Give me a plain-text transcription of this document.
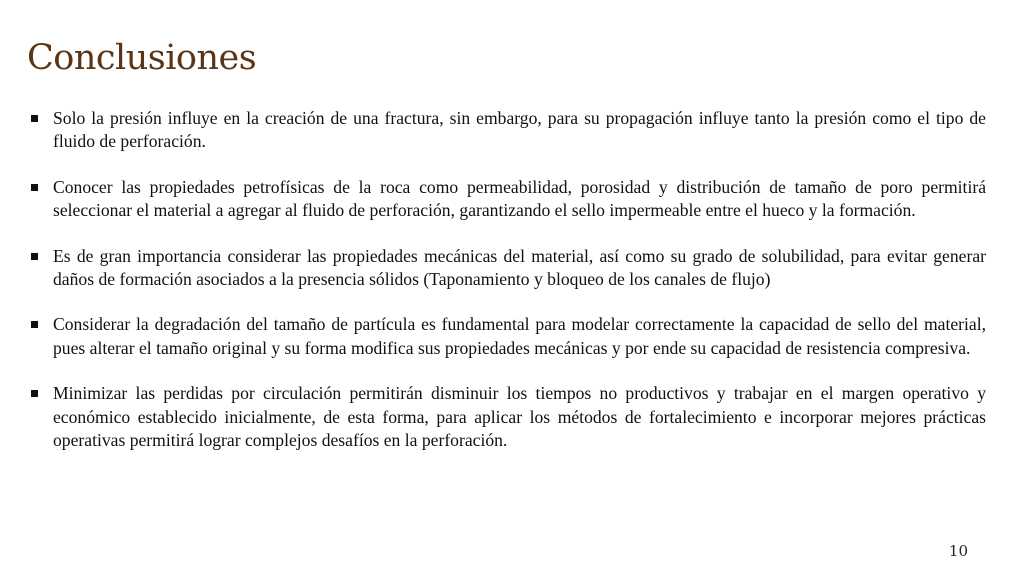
Conclusiones
Solo la presión influye en la creación de una fractura, sin embargo, para su propagación influye tanto la presión como el tipo de fluido de perforación.
Conocer las propiedades petrofísicas de la roca como permeabilidad, porosidad y distribución de tamaño de poro permitirá seleccionar el material a agregar al fluido de perforación, garantizando el sello impermeable entre el hueco y la formación.
Es de gran importancia considerar las propiedades mecánicas del material, así como su grado de solubilidad, para evitar generar daños de formación asociados a la presencia sólidos (Taponamiento y bloqueo de los canales de flujo)
Considerar la degradación del tamaño de partícula es fundamental para modelar correctamente la capacidad de sello del material, pues alterar el tamaño original y su forma modifica sus propiedades mecánicas y por ende su capacidad de resistencia compresiva.
Minimizar las perdidas por circulación permitirán disminuir los tiempos no productivos y trabajar en el margen operativo y económico establecido inicialmente, de esta forma, para aplicar los métodos de fortalecimiento e incorporar mejores prácticas operativas permitirá lograr complejos desafíos en la perforación.
10
